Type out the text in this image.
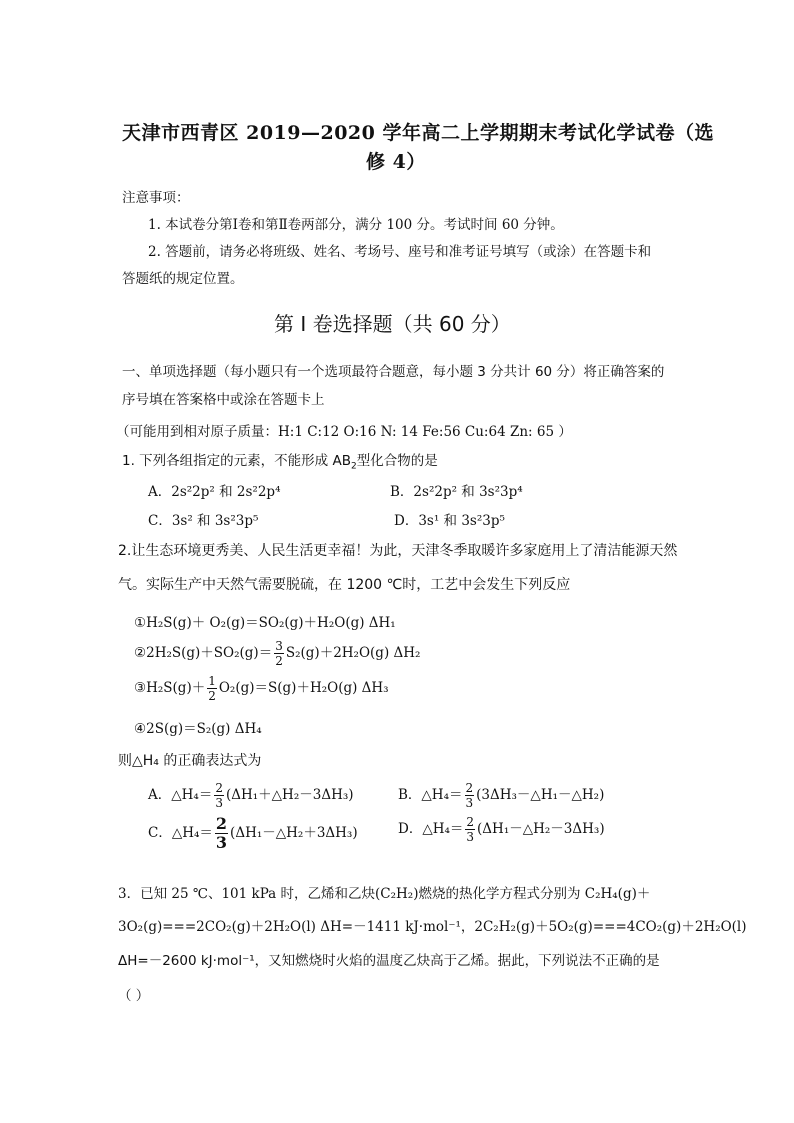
天津市西青区 2019—2020 学年高二上学期期末考试化学试卷（选
修 4）
注意事项：
1. 本试卷分第Ⅰ卷和第Ⅱ卷两部分，满分 100 分。考试时间 60 分钟。
2. 答题前，请务必将班级、姓名、考场号、座号和准考证号填写（或涂）在答题卡和
答题纸的规定位置。
第 I 卷选择题（共 60 分）
一、单项选择题（每小题只有一个选项最符合题意，每小题 3 分共计 60 分）将正确答案的
序号填在答案格中或涂在答题卡上
（可能用到相对原子质量：H:1 C:12 O:16 N: 14 Fe:56 Cu:64 Zn: 65 ）
1. 下列各组指定的元素，不能形成 $AB_2$型化合物的是
A．2s²2p² 和 2s²2p⁴	B．2s²2p² 和 3s²3p⁴
C．3s² 和 3s²3p⁵	D．3s¹ 和 3s²3p⁵
2.让生态环境更秀美、人民生活更幸福！为此，天津冬季取暖许多家庭用上了清洁能源天然
气。实际生产中天然气需要脱硫，在 1200 ℃时，工艺中会发生下列反应
①H₂S(g)＋ O₂(g)＝SO₂(g)＋H₂O(g) ΔH₁
②2H₂S(g)＋SO₂(g)＝ $\frac{3}{2} S_2(g)+2H_2O(g)$ ΔH₂
③H₂S(g)＋ $\frac{1}{2} O_2(g)=S(g)+H_2O(g)$ ΔH₃
④2S(g)＝S₂(g) ΔH₄
则△H₄ 的正确表达式为
A．△H₄＝ $\frac{2}{3}$ (ΔH₁＋△H₂－3ΔH₃)	B．△H₄＝ $\frac{2}{3}$ (3ΔH₃－△H₁－△H₂)
C．△H₄＝ $\frac{2}{3}$ (ΔH₁－△H₂＋3ΔH₃)	D．△H₄＝ $\frac{2}{3}$ (ΔH₁－△H₂－3ΔH₃)
3．已知 25 ℃、101 kPa 时，乙烯和乙炔(C₂H₂)燃烧的热化学方程式分别为 C₂H₄(g)＋
3O₂(g)===2CO₂(g)＋2H₂O(l) ΔH=－1411 kJ·mol⁻¹，2C₂H₂(g)＋5O₂(g)===4CO₂(g)＋2H₂O(l)
ΔH=－2600 kJ·mol⁻¹，又知燃烧时火焰的温度乙炔高于乙烯。据此，下列说法不正确的是
（ ）
